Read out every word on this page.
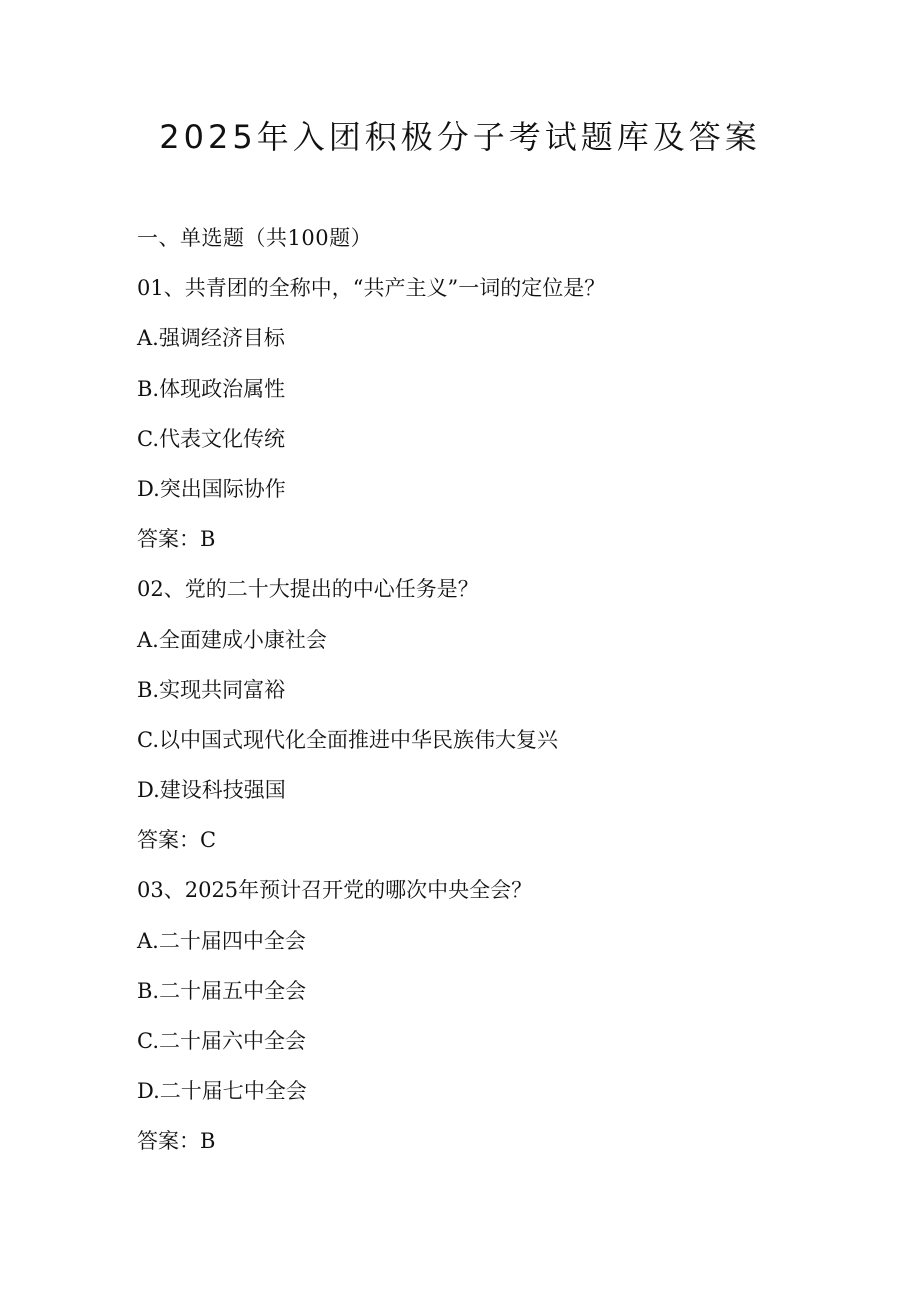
2025年入团积极分子考试题库及答案
一、单选题（共100题）
01、共青团的全称中，“共产主义”一词的定位是？
A.强调经济目标
B.体现政治属性
C.代表文化传统
D.突出国际协作
答案：B
02、党的二十大提出的中心任务是？
A.全面建成小康社会
B.实现共同富裕
C.以中国式现代化全面推进中华民族伟大复兴
D.建设科技强国
答案：C
03、2025年预计召开党的哪次中央全会？
A.二十届四中全会
B.二十届五中全会
C.二十届六中全会
D.二十届七中全会
答案：B
